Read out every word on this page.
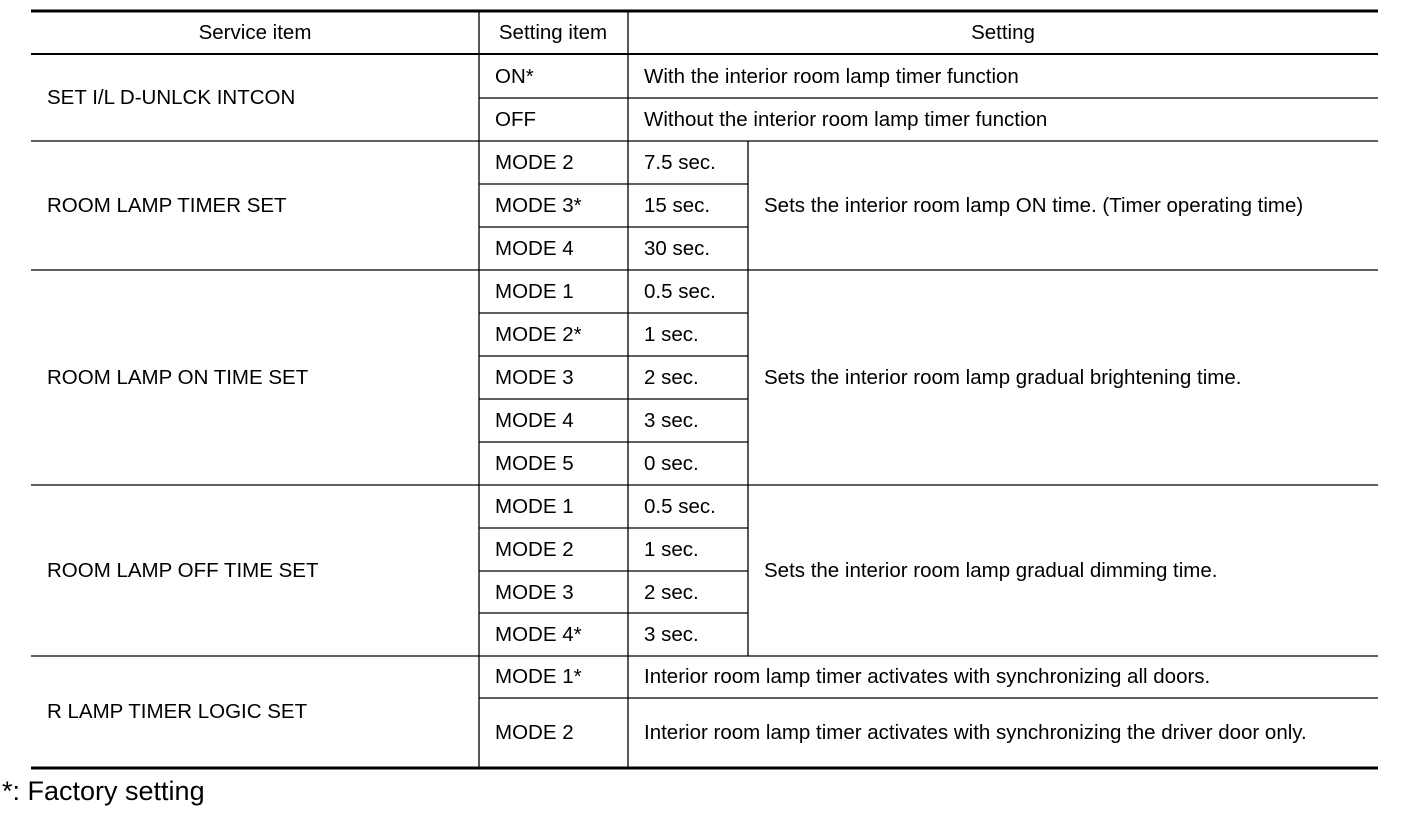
Service item	Setting item	Setting
SET I/L D-UNLCK INTCON
ON*	With the interior room lamp timer function
OFF	Without the interior room lamp timer function
ROOM LAMP TIMER SET
MODE 2	7.5 sec.
MODE 3*	15 sec.
MODE 4	30 sec.
Sets the interior room lamp ON time. (Timer operating time)
ROOM LAMP ON TIME SET
MODE 1	0.5 sec.
MODE 2*	1 sec.
MODE 3	2 sec.
MODE 4	3 sec.
MODE 5	0 sec.
Sets the interior room lamp gradual brightening time.
ROOM LAMP OFF TIME SET
MODE 1	0.5 sec.
MODE 2	1 sec.
MODE 3	2 sec.
MODE 4*	3 sec.
Sets the interior room lamp gradual dimming time.
R LAMP TIMER LOGIC SET
MODE 1*	Interior room lamp timer activates with synchronizing all doors.
MODE 2	Interior room lamp timer activates with synchronizing the driver door only.
*: Factory setting
